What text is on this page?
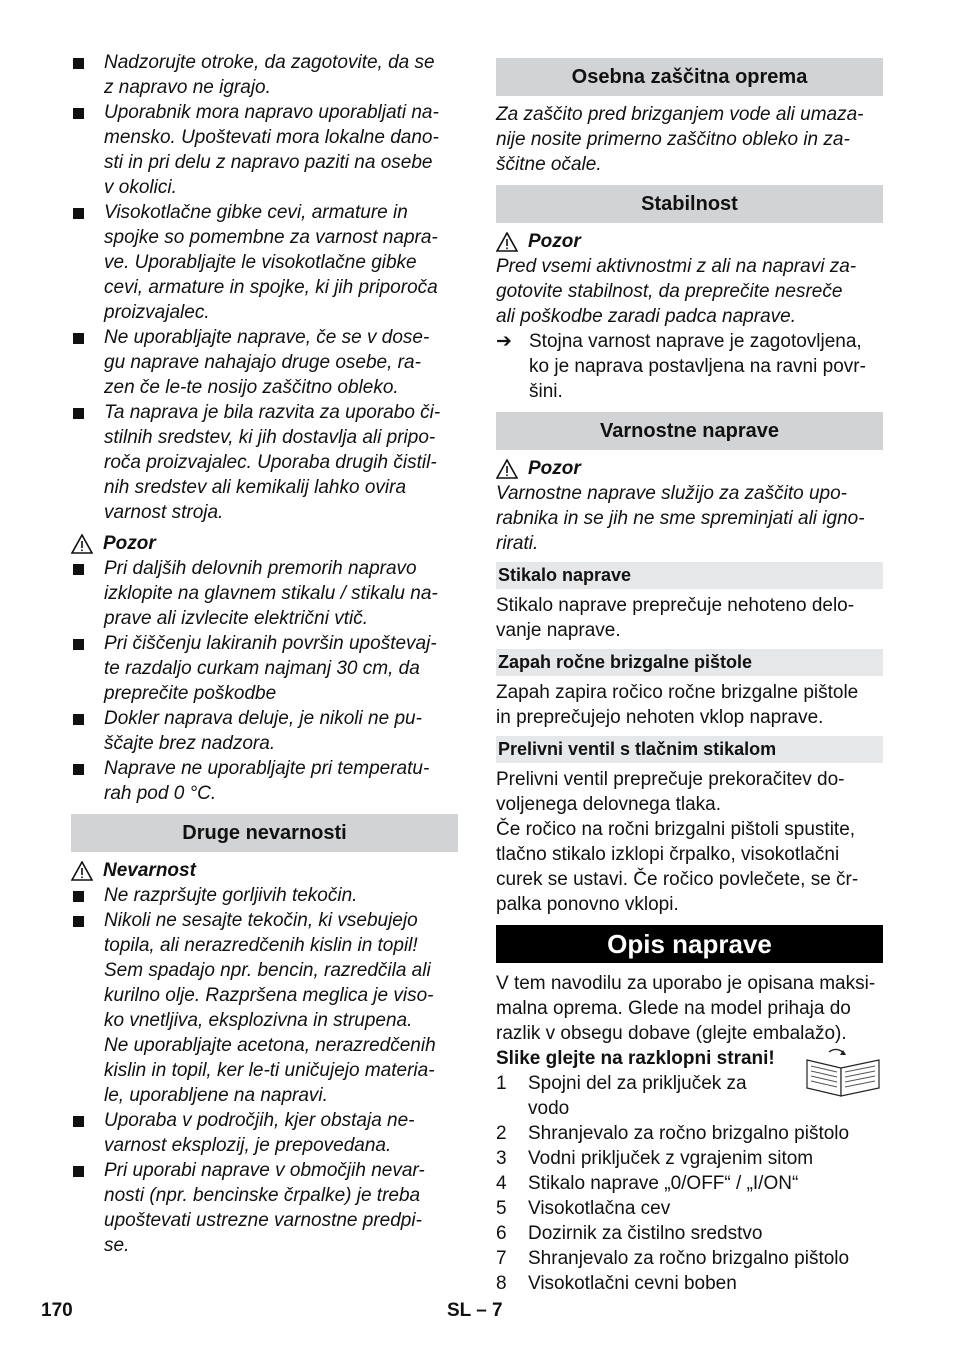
Nadzorujte otroke, da zagotovite, da se
z napravo ne igrajo.
Uporabnik mora napravo uporabljati na-
mensko. Upoštevati mora lokalne dano-
sti in pri delu z napravo paziti na osebe
v okolici.
Visokotlačne gibke cevi, armature in
spojke so pomembne za varnost napra-
ve. Uporabljajte le visokotlačne gibke
cevi, armature in spojke, ki jih priporoča
proizvajalec.
Ne uporabljajte naprave, če se v dose-
gu naprave nahajajo druge osebe, ra-
zen če le-te nosijo zaščitno obleko.
Ta naprava je bila razvita za uporabo či-
stilnih sredstev, ki jih dostavlja ali pripo-
roča proizvajalec. Uporaba drugih čistil-
nih sredstev ali kemikalij lahko ovira
varnost stroja.
Pozor
Pri daljših delovnih premorih napravo
izklopite na glavnem stikalu / stikalu na-
prave ali izvlecite električni vtič.
Pri čiščenju lakiranih površin upoštevaj-
te razdaljo curkam najmanj 30 cm, da
preprečite poškodbe
Dokler naprava deluje, je nikoli ne pu-
ščajte brez nadzora.
Naprave ne uporabljajte pri temperatu-
rah pod 0 °C.
Druge nevarnosti
Nevarnost
Ne razpršujte gorljivih tekočin.
Nikoli ne sesajte tekočin, ki vsebujejo
topila, ali nerazredčenih kislin in topil!
Sem spadajo npr. bencin, razredčila ali
kurilno olje. Razpršena meglica je viso-
ko vnetljiva, eksplozivna in strupena.
Ne uporabljajte acetona, nerazredčenih
kislin in topil, ker le-ti uničujejo materia-
le, uporabljene na napravi.
Uporaba v področjih, kjer obstaja ne-
varnost eksplozij, je prepovedana.
Pri uporabi naprave v območjih nevar-
nosti (npr. bencinske črpalke) je treba
upoštevati ustrezne varnostne predpi-
se.
Osebna zaščitna oprema

Za zaščito pred brizganjem vode ali umaza-
nije nosite primerno zaščitno obleko in za-
ščitne očale.

Stabilnost
Pozor

Pred vsemi aktivnostmi z ali na napravi za-
gotovite stabilnost, da preprečite nesreče
ali poškodbe zaradi padca naprave.

➔ Stojna varnost naprave je zagotovljena,
ko je naprava postavljena na ravni povr-
šini.

Varnostne naprave
Pozor

Varnostne naprave služijo za zaščito upo-
rabnika in se jih ne sme spreminjati ali igno-
rirati.

Stikalo naprave

Stikalo naprave preprečuje nehoteno delo-
vanje naprave.

Zapah ročne brizgalne pištole

Zapah zapira ročico ročne brizgalne pištole
in preprečujejo nehoten vklop naprave.

Prelivni ventil s tlačnim stikalom

Prelivni ventil preprečuje prekoračitev do-
voljenega delovnega tlaka.
Če ročico na ročni brizgalni pištoli spustite,
tlačno stikalo izklopi črpalko, visokotlačni
curek se ustavi. Če ročico povlečete, se čr-
palka ponovno vklopi.

Opis naprave

V tem navodilu za uporabo je opisana maksi-
malna oprema. Glede na model prihaja do
razlik v obsegu dobave (glejte embalažo).

Slike glejte na razklopni strani!

1 Spojni del za priključek za
vodo
2 Shranjevalo za ročno brizgalno pištolo
3 Vodni priključek z vgrajenim sitom
4 Stikalo naprave „0/OFF“ / „I/ON“
5 Visokotlačna cev
6 Dozirnik za čistilno sredstvo
7 Shranjevalo za ročno brizgalno pištolo
8 Visokotlačni cevni boben
170	SL – 7
